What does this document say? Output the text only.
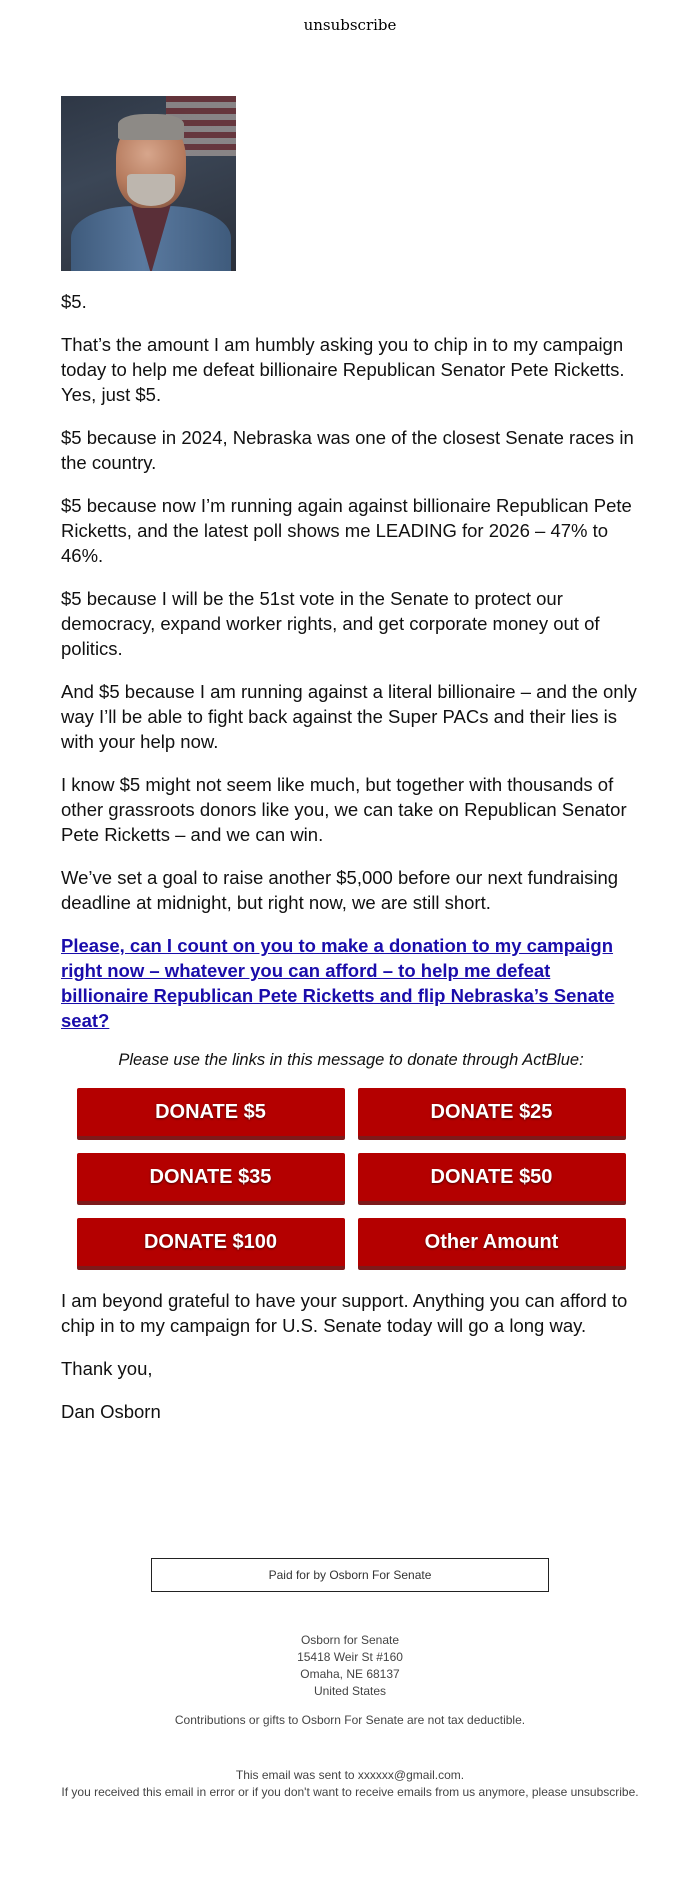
unsubscribe

$5.

That’s the amount I am humbly asking you to chip in to my campaign today to help me defeat billionaire Republican Senator Pete Ricketts. Yes, just $5.

$5 because in 2024, Nebraska was one of the closest Senate races in the country.

$5 because now I’m running again against billionaire Republican Pete Ricketts, and the latest poll shows me LEADING for 2026 – 47% to 46%.

$5 because I will be the 51st vote in the Senate to protect our democracy, expand worker rights, and get corporate money out of politics.

And $5 because I am running against a literal billionaire – and the only way I’ll be able to fight back against the Super PACs and their lies is with your help now.

I know $5 might not seem like much, but together with thousands of other grassroots donors like you, we can take on Republican Senator Pete Ricketts – and we can win.

We’ve set a goal to raise another $5,000 before our next fundraising deadline at midnight, but right now, we are still short.

Please, can I count on you to make a donation to my campaign right now – whatever you can afford – to help me defeat billionaire Republican Pete Ricketts and flip Nebraska’s Senate seat?
Please use the links in this message to donate through ActBlue:
DONATE $5	DONATE $25
DONATE $35	DONATE $50
DONATE $100	Other Amount

I am beyond grateful to have your support. Anything you can afford to chip in to my campaign for U.S. Senate today will go a long way.

Thank you,

Dan Osborn

Paid for by Osborn For Senate
Osborn for Senate
15418 Weir St #160
Omaha, NE 68137
United States
Contributions or gifts to Osborn For Senate are not tax deductible.
This email was sent to xxxxxx@gmail.com.
If you received this email in error or if you don't want to receive emails from us anymore, please unsubscribe.
